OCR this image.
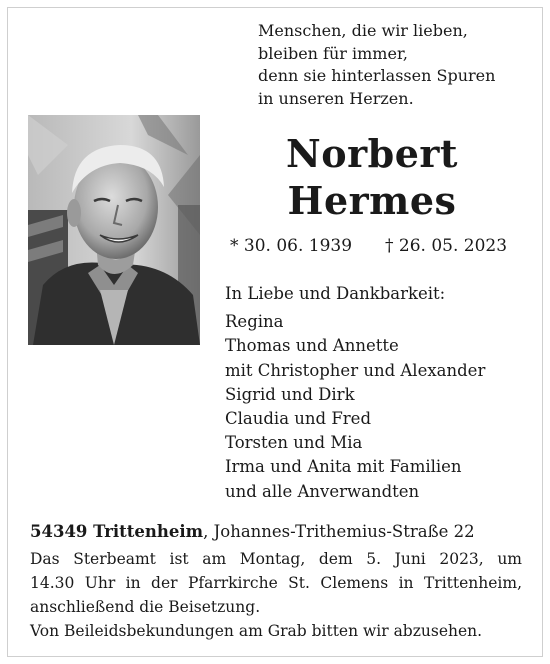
Menschen, die wir lieben,
bleiben für immer,
denn sie hinterlassen Spuren
in unseren Herzen.
Norbert
Hermes
* 30. 06. 1939 † 26. 05. 2023
In Liebe und Dankbarkeit:
Regina
Thomas und Annette
mit Christopher und Alexander
Sigrid und Dirk
Claudia und Fred
Torsten und Mia
Irma und Anita mit Familien
und alle Anverwandten
54349 Trittenheim, Johannes-Trithemius-Straße 22
Das Sterbeamt ist am Montag, dem 5. Juni 2023, um
14.30 Uhr in der Pfarrkirche St. Clemens in Trittenheim,
anschließend die Beisetzung.
Von Beileidsbekundungen am Grab bitten wir abzusehen.
